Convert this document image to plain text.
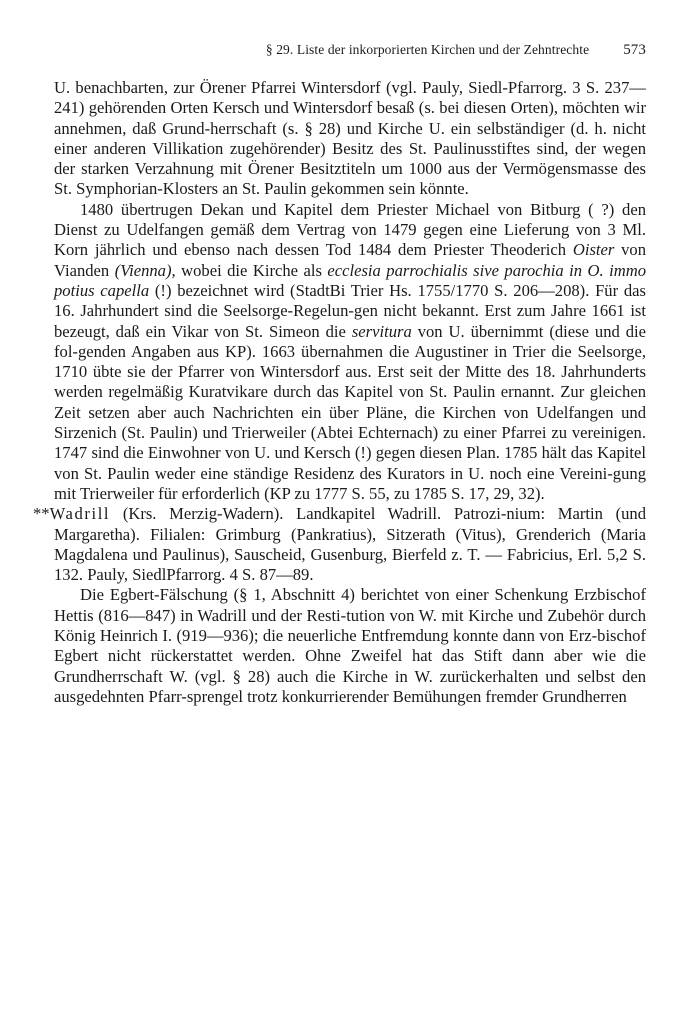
§ 29. Liste der inkorporierten Kirchen und der Zehntrechte 573

U. benachbarten, zur Örener Pfarrei Wintersdorf (vgl. Pauly, Siedl-Pfarrorg. 3 S. 237—241) gehörenden Orten Kersch und Wintersdorf besaß (s. bei diesen Orten), möchten wir annehmen, daß Grund-herrschaft (s. § 28) und Kirche U. ein selbständiger (d. h. nicht einer anderen Villikation zugehörender) Besitz des St. Paulinusstiftes sind, der wegen der starken Verzahnung mit Örener Besitztiteln um 1000 aus der Vermögensmasse des St. Symphorian-Klosters an St. Paulin gekommen sein könnte.

1480 übertrugen Dekan und Kapitel dem Priester Michael von Bitburg ( ?) den Dienst zu Udelfangen gemäß dem Vertrag von 1479 gegen eine Lieferung von 3 Ml. Korn jährlich und ebenso nach dessen Tod 1484 dem Priester Theoderich Oister von Vianden (Vienna), wobei die Kirche als ecclesia parrochialis sive parochia in O. immo potius capella (!) bezeichnet wird (StadtBi Trier Hs. 1755/1770 S. 206—208). Für das 16. Jahrhundert sind die Seelsorge-Regelun-gen nicht bekannt. Erst zum Jahre 1661 ist bezeugt, daß ein Vikar von St. Simeon die servitura von U. übernimmt (diese und die fol-genden Angaben aus KP). 1663 übernahmen die Augustiner in Trier die Seelsorge, 1710 übte sie der Pfarrer von Wintersdorf aus. Erst seit der Mitte des 18. Jahrhunderts werden regelmäßig Kuratvikare durch das Kapitel von St. Paulin ernannt. Zur gleichen Zeit setzen aber auch Nachrichten ein über Pläne, die Kirchen von Udelfangen und Sirzenich (St. Paulin) und Trierweiler (Abtei Echternach) zu einer Pfarrei zu vereinigen. 1747 sind die Einwohner von U. und Kersch (!) gegen diesen Plan. 1785 hält das Kapitel von St. Paulin weder eine ständige Residenz des Kurators in U. noch eine Vereini-gung mit Trierweiler für erforderlich (KP zu 1777 S. 55, zu 1785 S. 17, 29, 32).

**Wadrill (Krs. Merzig-Wadern). Landkapitel Wadrill. Patrozi-nium: Martin (und Margaretha). Filialen: Grimburg (Pankratius), Sitzerath (Vitus), Grenderich (Maria Magdalena und Paulinus), Sauscheid, Gusenburg, Bierfeld z. T. — Fabricius, Erl. 5,2 S. 132. Pauly, SiedlPfarrorg. 4 S. 87—89.

Die Egbert-Fälschung (§ 1, Abschnitt 4) berichtet von einer Schenkung Erzbischof Hettis (816—847) in Wadrill und der Resti-tution von W. mit Kirche und Zubehör durch König Heinrich I. (919—936); die neuerliche Entfremdung konnte dann von Erz-bischof Egbert nicht rückerstattet werden. Ohne Zweifel hat das Stift dann aber wie die Grundherrschaft W. (vgl. § 28) auch die Kirche in W. zurückerhalten und selbst den ausgedehnten Pfarr-sprengel trotz konkurrierender Bemühungen fremder Grundherren
